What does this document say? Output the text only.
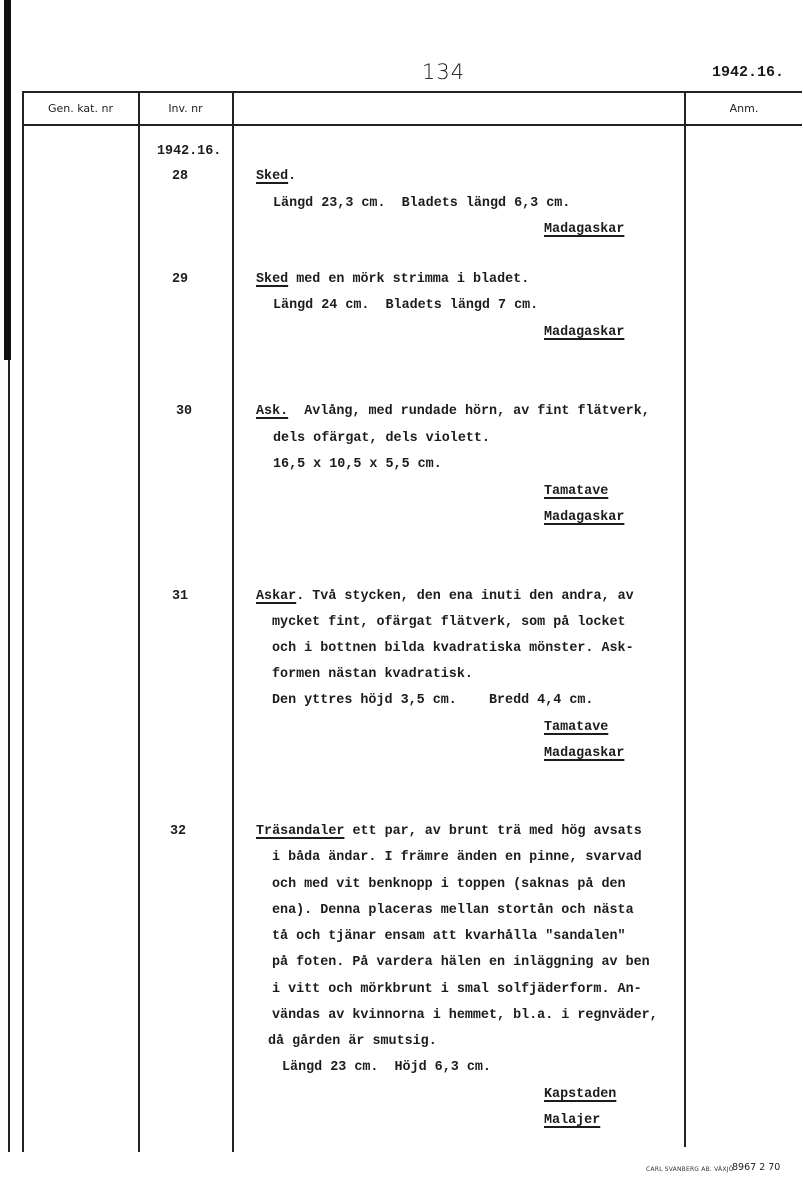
134	1942.16.
Gen. kat. nr	Inv. nr	Anm.
1942.16.
28	Sked.
Längd 23,3 cm.  Bladets längd 6,3 cm.
Madagaskar
29	Sked med en mörk strimma i bladet.
Längd 24 cm.  Bladets längd 7 cm.
Madagaskar
30	Ask.  Avlång, med rundade hörn, av fint flätverk,
dels ofärgat, dels violett.
16,5 x 10,5 x 5,5 cm.
Tamatave
Madagaskar
31	Askar. Två stycken, den ena inuti den andra, av
mycket fint, ofärgat flätverk, som på locket
och i bottnen bilda kvadratiska mönster. Ask-
formen nästan kvadratisk.
Den yttres höjd 3,5 cm.    Bredd 4,4 cm.
Tamatave
Madagaskar
32	Träsandaler ett par, av brunt trä med hög avsats
i båda ändar. I främre änden en pinne, svarvad
och med vit benknopp i toppen (saknas på den
ena). Denna placeras mellan stortån och nästa
tå och tjänar ensam att kvarhålla "sandalen"
på foten. På vardera hälen en inläggning av ben
i vitt och mörkbrunt i smal solfjäderform. An-
vändas av kvinnorna i hemmet, bl.a. i regnväder,
då gården är smutsig.
Längd 23 cm.  Höjd 6,3 cm.
Kapstaden
Malajer
CARL SVANBERG AB. VÄXJÖ
8967 2 70
